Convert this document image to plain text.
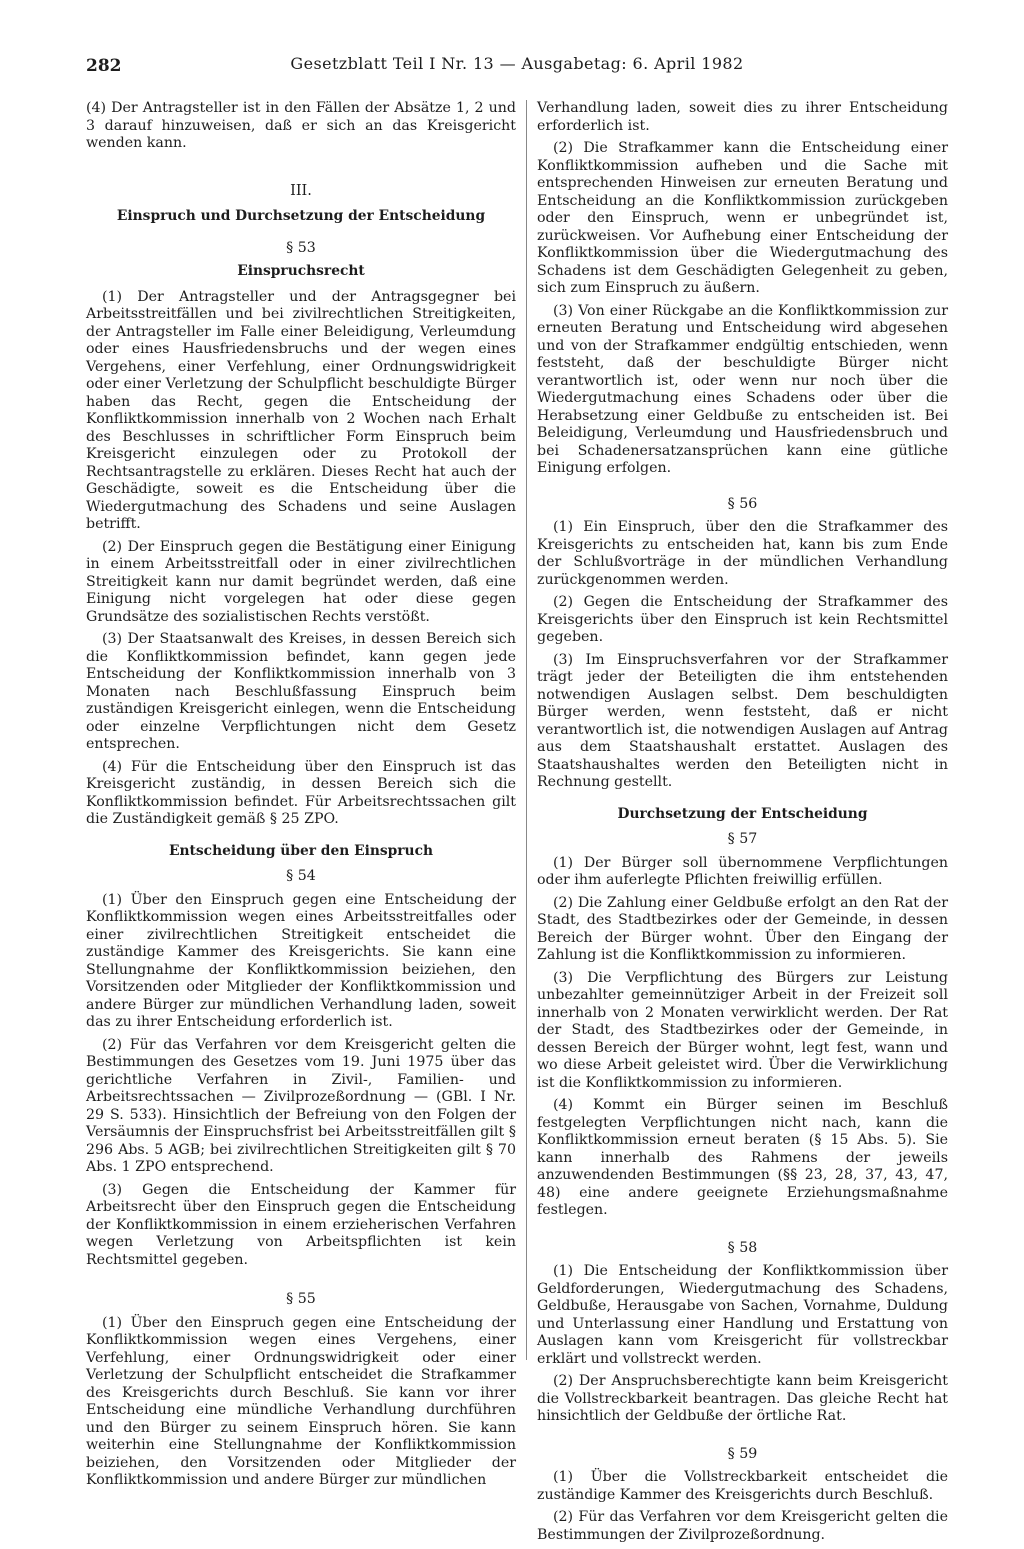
282	Gesetzblatt Teil I Nr. 13 — Ausgabetag: 6. April 1982

(4) Der Antragsteller ist in den Fällen der Absätze 1, 2 und 3 darauf hinzuweisen, daß er sich an das Kreisgericht wenden kann.

III.
Einspruch und Durchsetzung der Entscheidung
§ 53
Einspruchsrecht

(1) Der Antragsteller und der Antragsgegner bei Arbeitsstreitfällen und bei zivilrechtlichen Streitigkeiten, der Antragsteller im Falle einer Beleidigung, Verleumdung oder eines Hausfriedensbruchs und der wegen eines Vergehens, einer Verfehlung, einer Ordnungswidrigkeit oder einer Verletzung der Schulpflicht beschuldigte Bürger haben das Recht, gegen die Entscheidung der Konfliktkommission innerhalb von 2 Wochen nach Erhalt des Beschlusses in schriftlicher Form Einspruch beim Kreisgericht einzulegen oder zu Protokoll der Rechtsantragstelle zu erklären. Dieses Recht hat auch der Geschädigte, soweit es die Entscheidung über die Wiedergutmachung des Schadens und seine Auslagen betrifft.

(2) Der Einspruch gegen die Bestätigung einer Einigung in einem Arbeitsstreitfall oder in einer zivilrechtlichen Streitigkeit kann nur damit begründet werden, daß eine Einigung nicht vorgelegen hat oder diese gegen Grundsätze des sozialistischen Rechts verstößt.

(3) Der Staatsanwalt des Kreises, in dessen Bereich sich die Konfliktkommission befindet, kann gegen jede Entscheidung der Konfliktkommission innerhalb von 3 Monaten nach Beschlußfassung Einspruch beim zuständigen Kreisgericht einlegen, wenn die Entscheidung oder einzelne Verpflichtungen nicht dem Gesetz entsprechen.

(4) Für die Entscheidung über den Einspruch ist das Kreisgericht zuständig, in dessen Bereich sich die Konfliktkommission befindet. Für Arbeitsrechtssachen gilt die Zuständigkeit gemäß § 25 ZPO.

Entscheidung über den Einspruch
§ 54

(1) Über den Einspruch gegen eine Entscheidung der Konfliktkommission wegen eines Arbeitsstreitfalles oder einer zivilrechtlichen Streitigkeit entscheidet die zuständige Kammer des Kreisgerichts. Sie kann eine Stellungnahme der Konfliktkommission beiziehen, den Vorsitzenden oder Mitglieder der Konfliktkommission und andere Bürger zur mündlichen Verhandlung laden, soweit das zu ihrer Entscheidung erforderlich ist.

(2) Für das Verfahren vor dem Kreisgericht gelten die Bestimmungen des Gesetzes vom 19. Juni 1975 über das gerichtliche Verfahren in Zivil-, Familien- und Arbeitsrechtssachen — Zivilprozeßordnung — (GBl. I Nr. 29 S. 533). Hinsichtlich der Befreiung von den Folgen der Versäumnis der Einspruchsfrist bei Arbeitsstreitfällen gilt § 296 Abs. 5 AGB; bei zivilrechtlichen Streitigkeiten gilt § 70 Abs. 1 ZPO entsprechend.

(3) Gegen die Entscheidung der Kammer für Arbeitsrecht über den Einspruch gegen die Entscheidung der Konfliktkommission in einem erzieherischen Verfahren wegen Verletzung von Arbeitspflichten ist kein Rechtsmittel gegeben.

§ 55

(1) Über den Einspruch gegen eine Entscheidung der Konfliktkommission wegen eines Vergehens, einer Verfehlung, einer Ordnungswidrigkeit oder einer Verletzung der Schulpflicht entscheidet die Strafkammer des Kreisgerichts durch Beschluß. Sie kann vor ihrer Entscheidung eine mündliche Verhandlung durchführen und den Bürger zu seinem Einspruch hören. Sie kann weiterhin eine Stellungnahme der Konfliktkommission beiziehen, den Vorsitzenden oder Mitglieder der Konfliktkommission und andere Bürger zur mündlichen

Verhandlung laden, soweit dies zu ihrer Entscheidung erforderlich ist.

(2) Die Strafkammer kann die Entscheidung einer Konfliktkommission aufheben und die Sache mit entsprechenden Hinweisen zur erneuten Beratung und Entscheidung an die Konfliktkommission zurückgeben oder den Einspruch, wenn er unbegründet ist, zurückweisen. Vor Aufhebung einer Entscheidung der Konfliktkommission über die Wiedergutmachung des Schadens ist dem Geschädigten Gelegenheit zu geben, sich zum Einspruch zu äußern.

(3) Von einer Rückgabe an die Konfliktkommission zur erneuten Beratung und Entscheidung wird abgesehen und von der Strafkammer endgültig entschieden, wenn feststeht, daß der beschuldigte Bürger nicht verantwortlich ist, oder wenn nur noch über die Wiedergutmachung eines Schadens oder über die Herabsetzung einer Geldbuße zu entscheiden ist. Bei Beleidigung, Verleumdung und Hausfriedensbruch und bei Schadenersatzansprüchen kann eine gütliche Einigung erfolgen.

§ 56

(1) Ein Einspruch, über den die Strafkammer des Kreisgerichts zu entscheiden hat, kann bis zum Ende der Schlußvorträge in der mündlichen Verhandlung zurückgenommen werden.

(2) Gegen die Entscheidung der Strafkammer des Kreisgerichts über den Einspruch ist kein Rechtsmittel gegeben.

(3) Im Einspruchsverfahren vor der Strafkammer trägt jeder der Beteiligten die ihm entstehenden notwendigen Auslagen selbst. Dem beschuldigten Bürger werden, wenn feststeht, daß er nicht verantwortlich ist, die notwendigen Auslagen auf Antrag aus dem Staatshaushalt erstattet. Auslagen des Staatshaushaltes werden den Beteiligten nicht in Rechnung gestellt.

Durchsetzung der Entscheidung
§ 57

(1) Der Bürger soll übernommene Verpflichtungen oder ihm auferlegte Pflichten freiwillig erfüllen.

(2) Die Zahlung einer Geldbuße erfolgt an den Rat der Stadt, des Stadtbezirkes oder der Gemeinde, in dessen Bereich der Bürger wohnt. Über den Eingang der Zahlung ist die Konfliktkommission zu informieren.

(3) Die Verpflichtung des Bürgers zur Leistung unbezahlter gemeinnütziger Arbeit in der Freizeit soll innerhalb von 2 Monaten verwirklicht werden. Der Rat der Stadt, des Stadtbezirkes oder der Gemeinde, in dessen Bereich der Bürger wohnt, legt fest, wann und wo diese Arbeit geleistet wird. Über die Verwirklichung ist die Konfliktkommission zu informieren.

(4) Kommt ein Bürger seinen im Beschluß festgelegten Verpflichtungen nicht nach, kann die Konfliktkommission erneut beraten (§ 15 Abs. 5). Sie kann innerhalb des Rahmens der jeweils anzuwendenden Bestimmungen (§§ 23, 28, 37, 43, 47, 48) eine andere geeignete Erziehungsmaßnahme festlegen.

§ 58

(1) Die Entscheidung der Konfliktkommission über Geldforderungen, Wiedergutmachung des Schadens, Geldbuße, Herausgabe von Sachen, Vornahme, Duldung und Unterlassung einer Handlung und Erstattung von Auslagen kann vom Kreisgericht für vollstreckbar erklärt und vollstreckt werden.

(2) Der Anspruchsberechtigte kann beim Kreisgericht die Vollstreckbarkeit beantragen. Das gleiche Recht hat hinsichtlich der Geldbuße der örtliche Rat.

§ 59

(1) Über die Vollstreckbarkeit entscheidet die zuständige Kammer des Kreisgerichts durch Beschluß.

(2) Für das Verfahren vor dem Kreisgericht gelten die Bestimmungen der Zivilprozeßordnung.
